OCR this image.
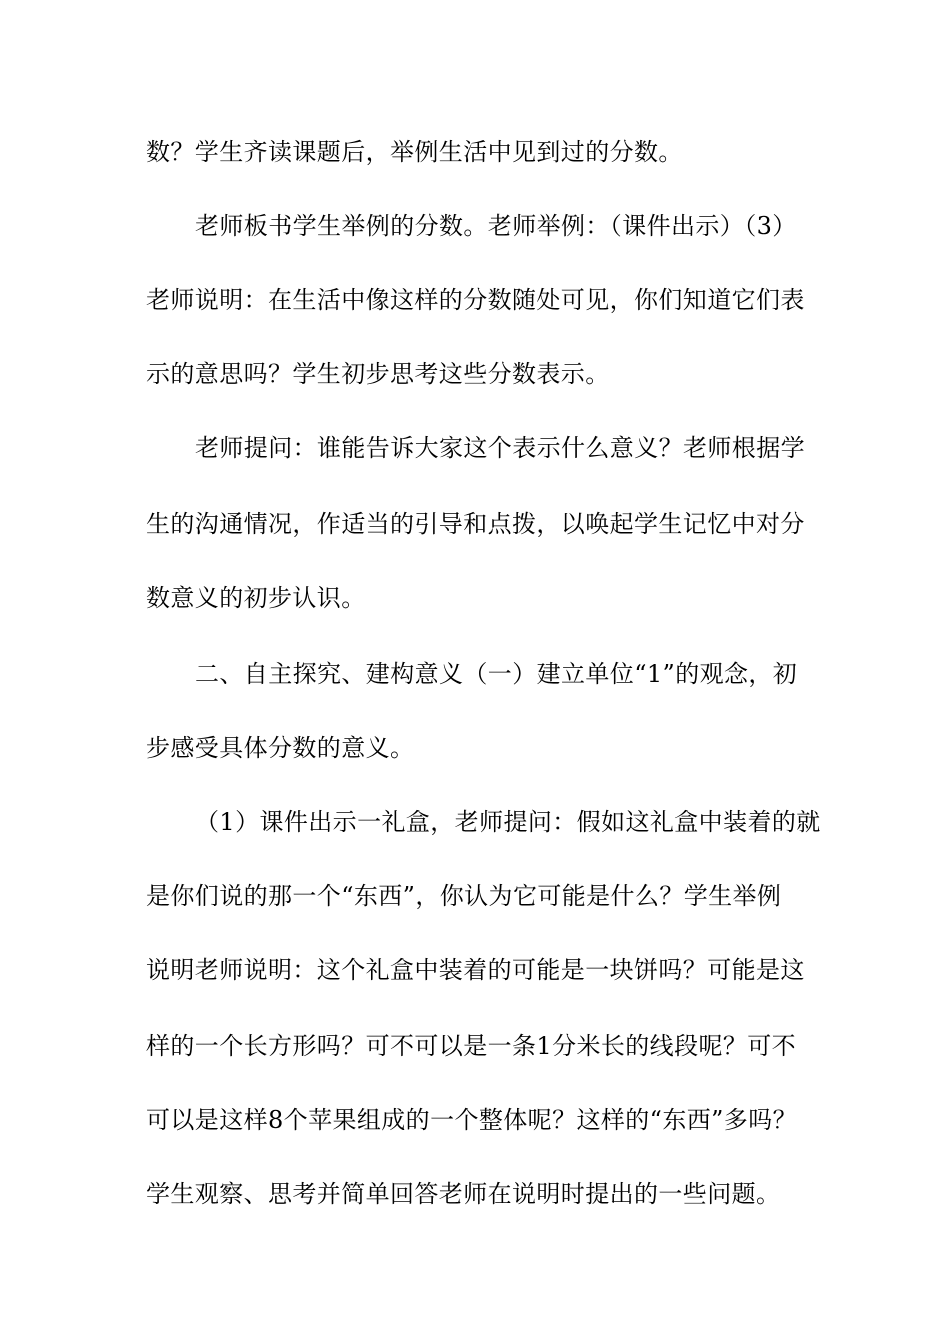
数？学生齐读课题后，举例生活中见到过的分数。
老师板书学生举例的分数。老师举例：（课件出示）（3）
老师说明：在生活中像这样的分数随处可见，你们知道它们表
示的意思吗？学生初步思考这些分数表示。
老师提问：谁能告诉大家这个表示什么意义？老师根据学
生的沟通情况，作适当的引导和点拨，以唤起学生记忆中对分
数意义的初步认识。
二、自主探究、建构意义（一）建立单位“1”的观念，初
步感受具体分数的意义。
（1）课件出示一礼盒，老师提问：假如这礼盒中装着的就
是你们说的那一个“东西”，你认为它可能是什么？学生举例
说明老师说明：这个礼盒中装着的可能是一块饼吗？可能是这
样的一个长方形吗？可不可以是一条1分米长的线段呢？可不
可以是这样8个苹果组成的一个整体呢？这样的“东西”多吗？
学生观察、思考并简单回答老师在说明时提出的一些问题。
